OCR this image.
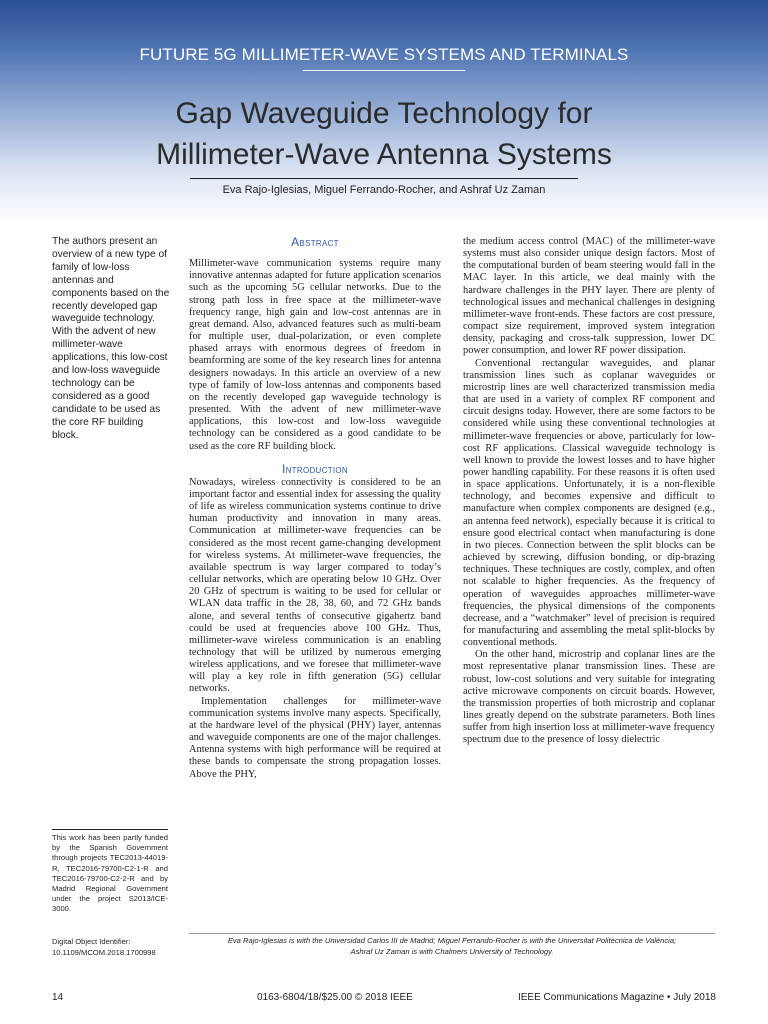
FUTURE 5G MILLIMETER-WAVE SYSTEMS AND TERMINALS
Gap Waveguide Technology for
Millimeter-Wave Antenna Systems
Eva Rajo-Iglesias, Miguel Ferrando-Rocher, and Ashraf Uz Zaman

The authors present an overview of a new type of family of low-loss antennas and components based on the recently developed gap waveguide technology. With the advent of new millimeter-wave applications, this low-cost and low-loss waveguide technology can be considered as a good candidate to be used as the core RF building block.

Abstract

Millimeter-wave communication systems require many innovative antennas adapted for future application scenarios such as the upcoming 5G cellular networks. Due to the strong path loss in free space at the millimeter-wave frequency range, high gain and low-cost antennas are in great demand. Also, advanced features such as multi-beam for multiple user, dual-polarization, or even complete phased arrays with enormous degrees of freedom in beamforming are some of the key research lines for antenna designers nowadays. In this article an overview of a new type of family of low-loss antennas and components based on the recently developed gap waveguide technology is presented. With the advent of new millimeter-wave applications, this low-cost and low-loss waveguide technology can be considered as a good candidate to be used as the core RF building block.

Introduction

Nowadays, wireless connectivity is considered to be an important factor and essential index for assessing the quality of life as wireless communication systems continue to drive human productivity and innovation in many areas. Communication at millimeter-wave frequencies can be considered as the most recent game-changing development for wireless systems. At millimeter-wave frequencies, the available spectrum is way larger compared to today’s cellular networks, which are operating below 10 GHz. Over 20 GHz of spectrum is waiting to be used for cellular or WLAN data traffic in the 28, 38, 60, and 72 GHz bands alone, and several tenths of consecutive gigahertz band could be used at frequencies above 100 GHz. Thus, millimeter-wave wireless communication is an enabling technology that will be utilized by numerous emerging wireless applications, and we foresee that millimeter-wave will play a key role in fifth generation (5G) cellular networks.

Implementation challenges for millimeter-wave communication systems involve many aspects. Specifically, at the hardware level of the physical (PHY) layer, antennas and waveguide components are one of the major challenges. Antenna systems with high performance will be required at these bands to compensate the strong propagation losses. Above the PHY,

the medium access control (MAC) of the millimeter-wave systems must also consider unique design factors. Most of the computational burden of beam steering would fall in the MAC layer. In this article, we deal mainly with the hardware challenges in the PHY layer. There are plenty of technological issues and mechanical challenges in designing millimeter-wave front-ends. These factors are cost pressure, compact size requirement, improved system integration density, packaging and cross-talk suppression, lower DC power consumption, and lower RF power dissipation.

Conventional rectangular waveguides, and planar transmission lines such as coplanar waveguides or microstrip lines are well characterized transmission media that are used in a variety of complex RF component and circuit designs today. However, there are some factors to be considered while using these conventional technologies at millimeter-wave frequencies or above, particularly for low-cost RF applications. Classical waveguide technology is well known to provide the lowest losses and to have higher power handling capability. For these reasons it is often used in space applications. Unfortunately, it is a non-flexible technology, and becomes expensive and difficult to manufacture when complex components are designed (e.g., an antenna feed network), especially because it is critical to ensure good electrical contact when manufacturing is done in two pieces. Connection between the split blocks can be achieved by screwing, diffusion bonding, or dip-brazing techniques. These techniques are costly, complex, and often not scalable to higher frequencies. As the frequency of operation of waveguides approaches millimeter-wave frequencies, the physical dimensions of the components decrease, and a “watchmaker” level of precision is required for manufacturing and assembling the metal split-blocks by conventional methods.

On the other hand, microstrip and coplanar lines are the most representative planar transmission lines. These are robust, low-cost solutions and very suitable for integrating active microwave components on circuit boards. However, the transmission properties of both microstrip and coplanar lines greatly depend on the substrate parameters. Both lines suffer from high insertion loss at millimeter-wave frequency spectrum due to the presence of lossy dielectric

This work has been partly funded by the Spanish Government through projects TEC2013-44019-R, TEC2016-79700-C2-1-R and TEC2016-79700-C2-2-R and by Madrid Regional Government under the project S2013/ICE-3000.
Digital Object Identifier:
10.1109/MCOM.2018.1700998
Eva Rajo-Iglesias is with the Universidad Carlos III de Madrid; Miguel Ferrando-Rocher is with the Universitat Politècnica de València;
Ashraf Uz Zaman is with Chalmers University of Technology.
14	0163-6804/18/$25.00 © 2018 IEEE	IEEE Communications Magazine • July 2018
